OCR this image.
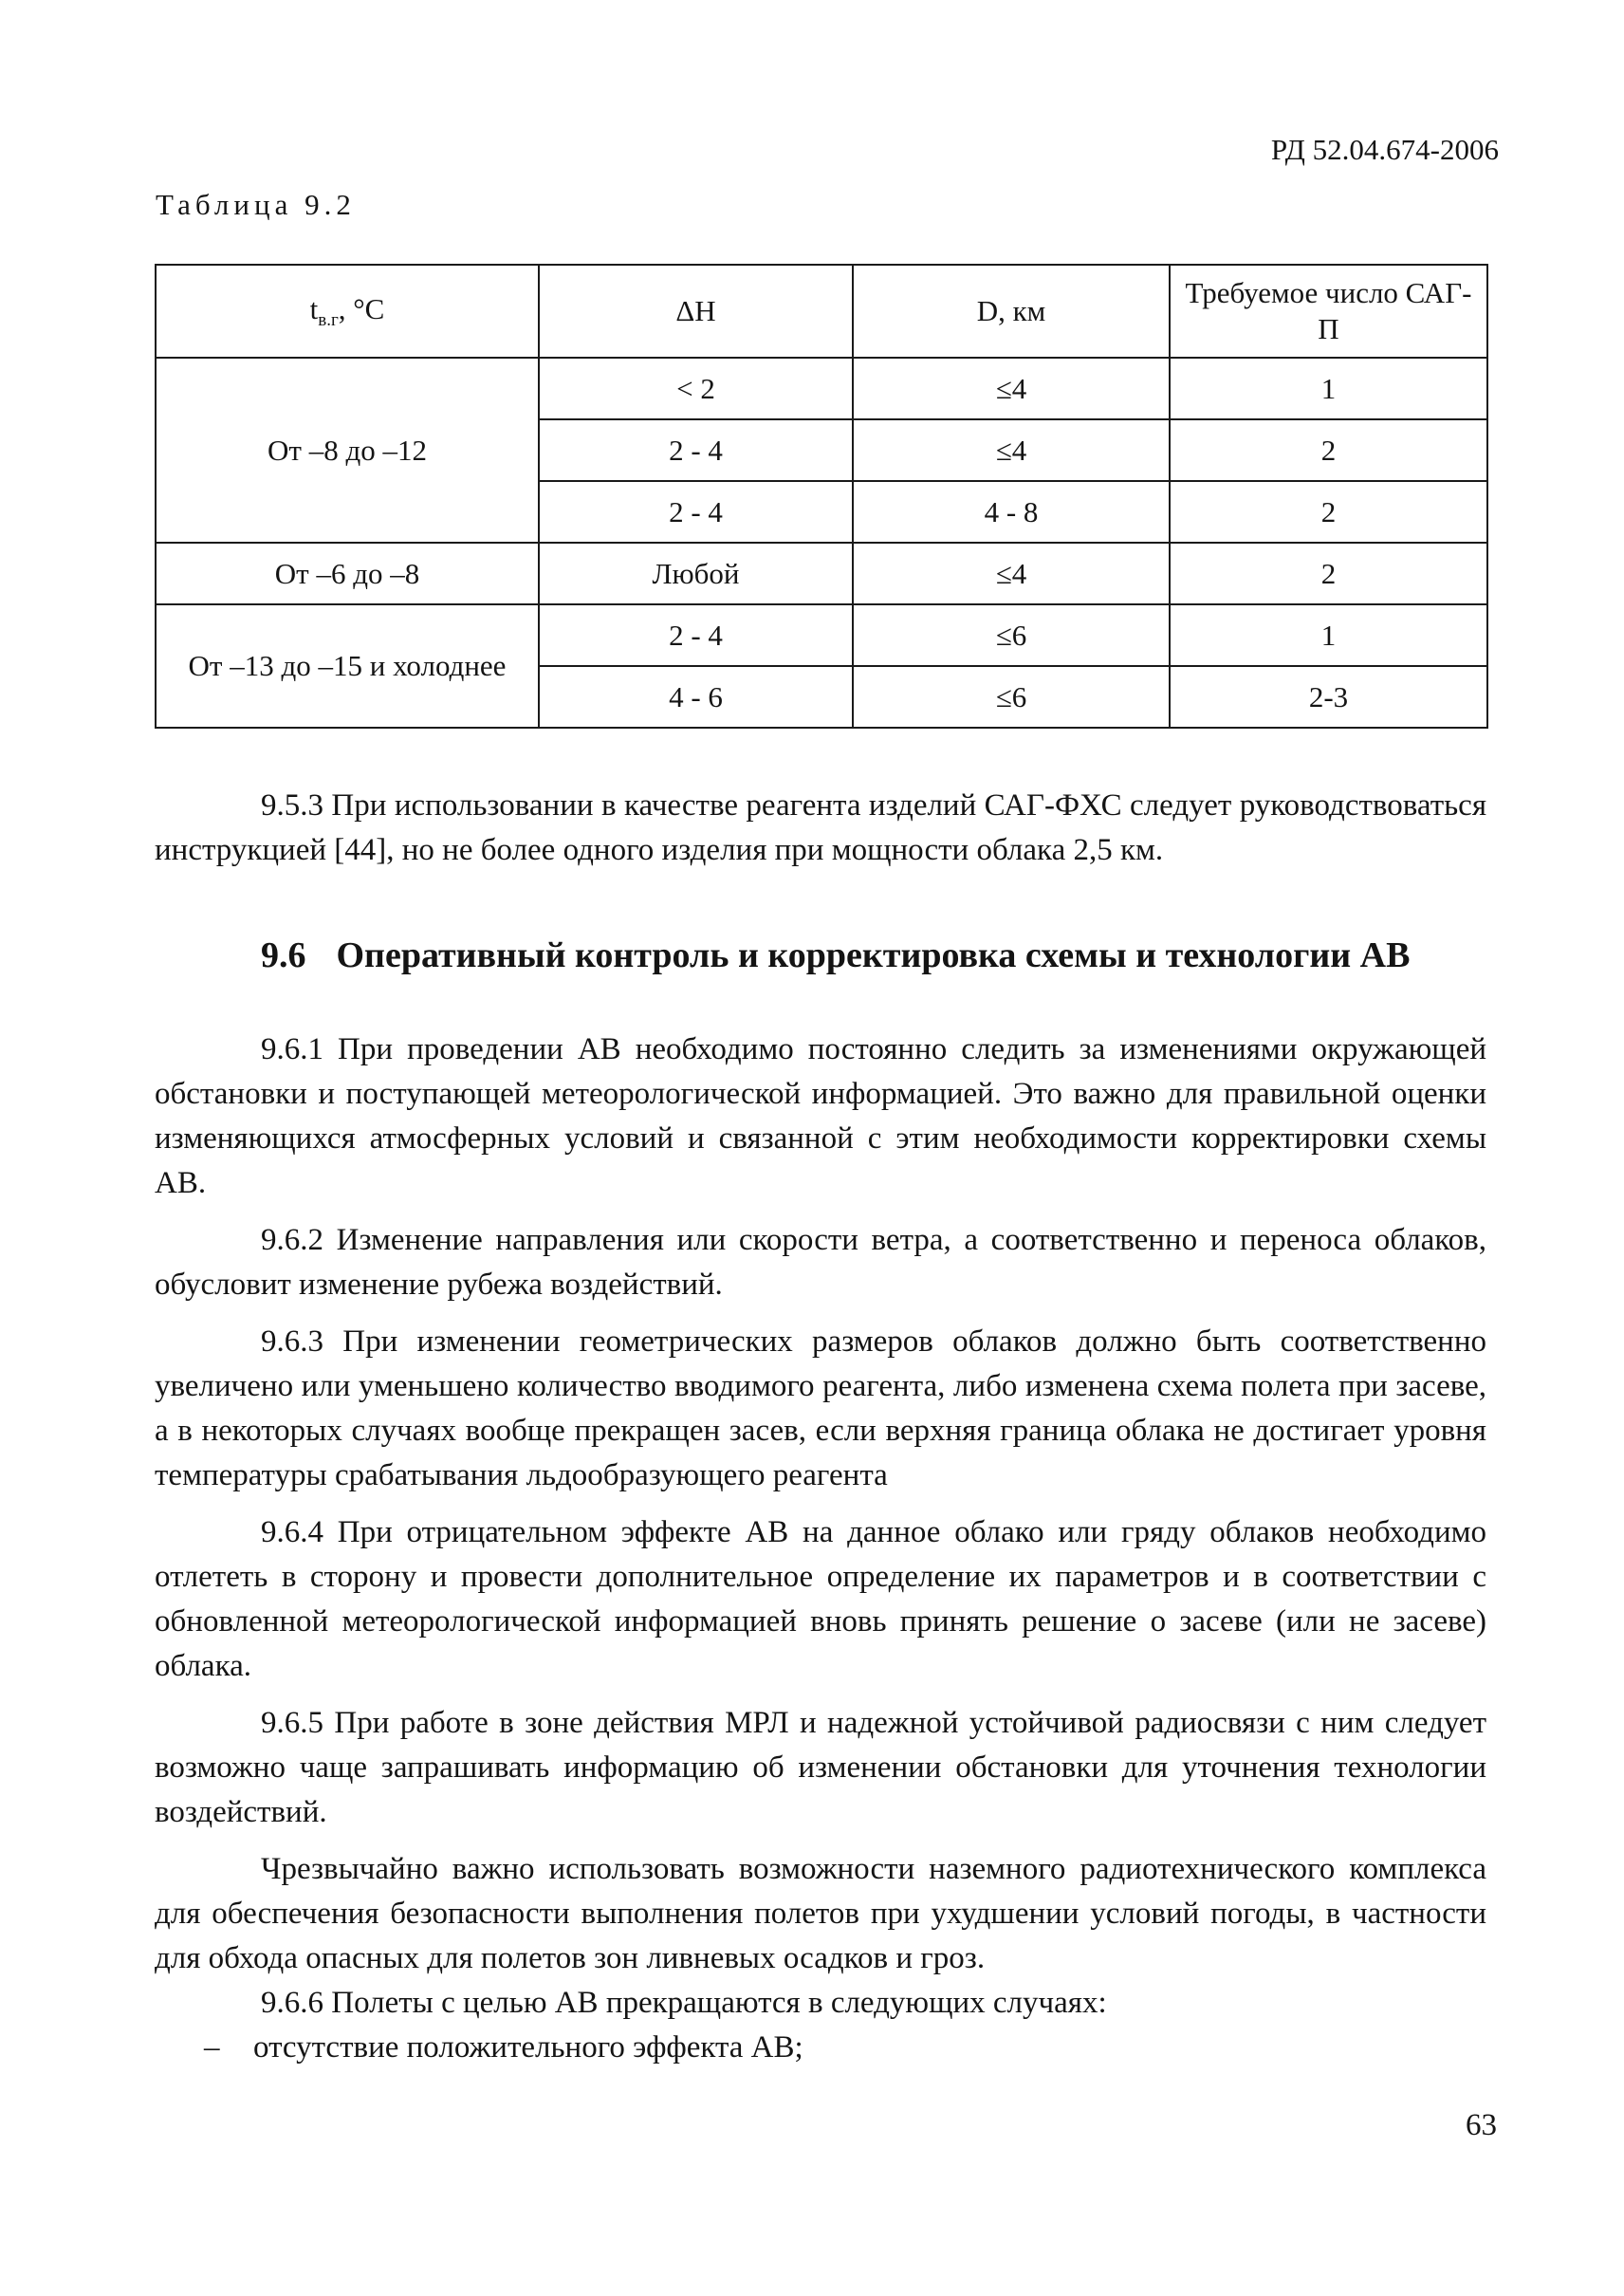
РД 52.04.674-2006
Таблица 9.2
$t_{в.г}$, °С	ΔН	D, км	Требуемое число САГ-П
От –8 до –12	< 2	≤4	1
	2 - 4	≤4	2
	2 - 4	4 - 8	2
От –6 до –8	Любой	≤4	2
От –13 до –15 и холоднее	2 - 4	≤6	1
	4 - 6	≤6	2-3

9.5.3 При использовании в качестве реагента изделий САГ-ФХС следует руководствоваться инструкцией [44], но не более одного изделия при мощности облака 2,5 км.

9.6 Оперативный контроль и корректировка схемы и технологии АВ

9.6.1 При проведении АВ необходимо постоянно следить за изменениями окружающей обстановки и поступающей метеорологической информацией. Это важно для правильной оценки изменяющихся атмосферных условий и связанной с этим необходимости корректировки схемы АВ.

9.6.2 Изменение направления или скорости ветра, а соответственно и переноса облаков, обусловит изменение рубежа воздействий.

9.6.3 При изменении геометрических размеров облаков должно быть соответственно увеличено или уменьшено количество вводимого реагента, либо изменена схема полета при засеве, а в некоторых случаях вообще прекращен засев, если верхняя граница облака не достигает уровня температуры срабатывания льдообразующего реагента

9.6.4 При отрицательном эффекте АВ на данное облако или гряду облаков необходимо отлететь в сторону и провести дополнительное определение их параметров и в соответствии с обновленной метеорологической информацией вновь принять решение о засеве (или не засеве) облака.

9.6.5 При работе в зоне действия МРЛ и надежной устойчивой радиосвязи с ним следует возможно чаще запрашивать информацию об изменении обстановки для уточнения технологии воздействий.

Чрезвычайно важно использовать возможности наземного радиотехнического комплекса для обеспечения безопасности выполнения полетов при ухудшении условий погоды, в частности для обхода опасных для полетов зон ливневых осадков и гроз.

9.6.6 Полеты с целью АВ прекращаются в следующих случаях:

– отсутствие положительного эффекта АВ;

63
